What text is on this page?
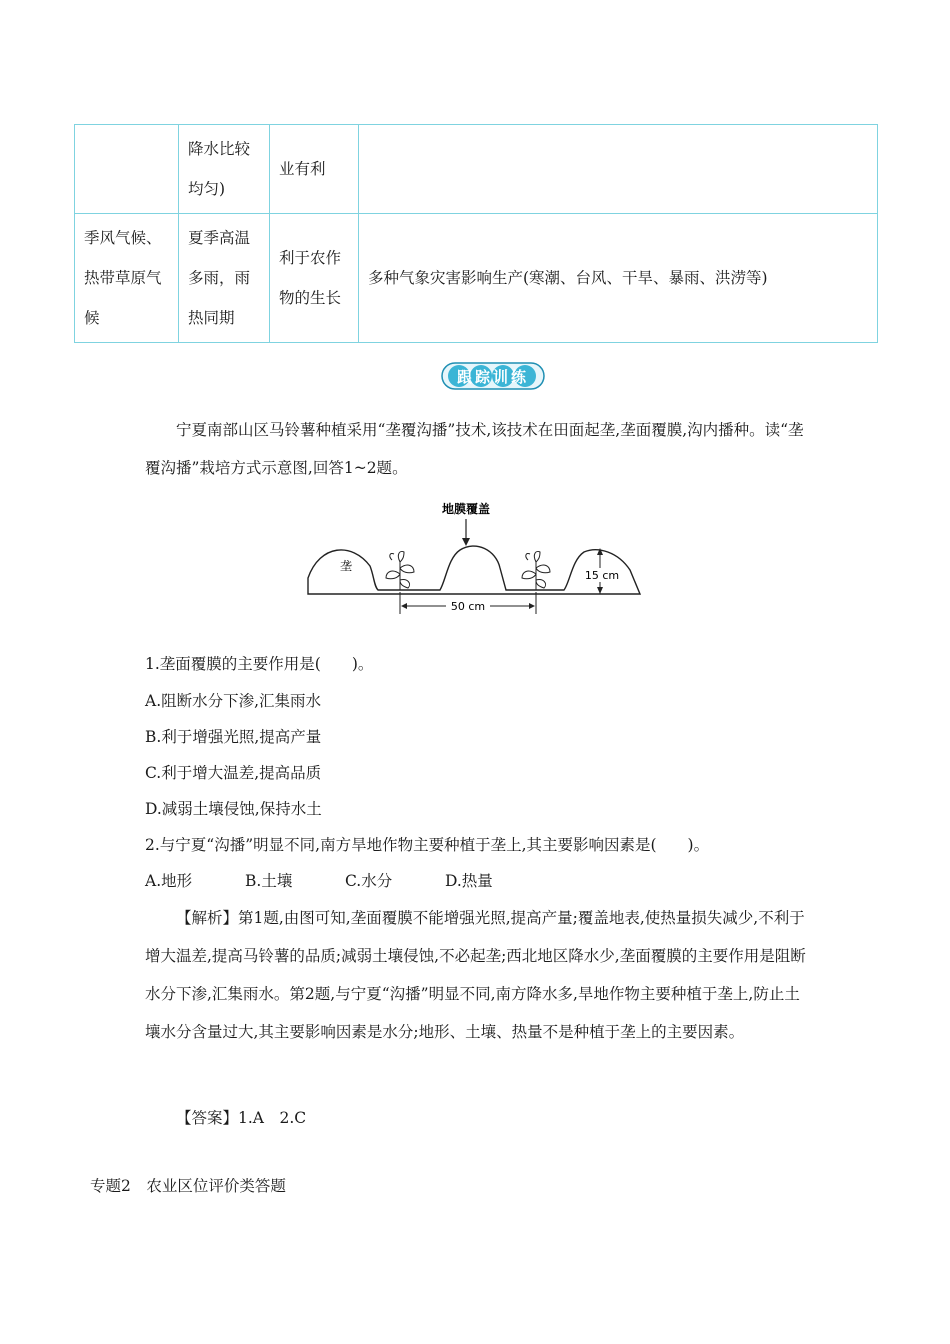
	降水比较
均匀)	业有利	

季风气候、
热带草原气
候	夏季高温
多雨，雨
热同期	利于农作
物的生长	多种气象灾害影响生产(寒潮、台风、干旱、暴雨、洪涝等)
跟踪训练

宁夏南部山区马铃薯种植采用“垄覆沟播”技术,该技术在田面起垄,垄面覆膜,沟内播种。读“垄覆沟播”栽培方式示意图,回答1~2题。

地膜覆盖
垄
50 cm
15 cm

1.垄面覆膜的主要作用是(　　)。

A.阻断水分下渗,汇集雨水

B.利于增强光照,提高产量

C.利于增大温差,提高品质

D.减弱土壤侵蚀,保持水土

2.与宁夏“沟播”明显不同,南方旱地作物主要种植于垄上,其主要影响因素是(　　)。

A.地形	B.土壤	C.水分	D.热量

【解析】第1题,由图可知,垄面覆膜不能增强光照,提高产量;覆盖地表,使热量损失减少,不利于增大温差,提高马铃薯的品质;减弱土壤侵蚀,不必起垄;西北地区降水少,垄面覆膜的主要作用是阻断水分下渗,汇集雨水。第2题,与宁夏“沟播”明显不同,南方降水多,旱地作物主要种植于垄上,防止土壤水分含量过大,其主要影响因素是水分;地形、土壤、热量不是种植于垄上的主要因素。

【答案】1.A　2.C

专题2　农业区位评价类答题
